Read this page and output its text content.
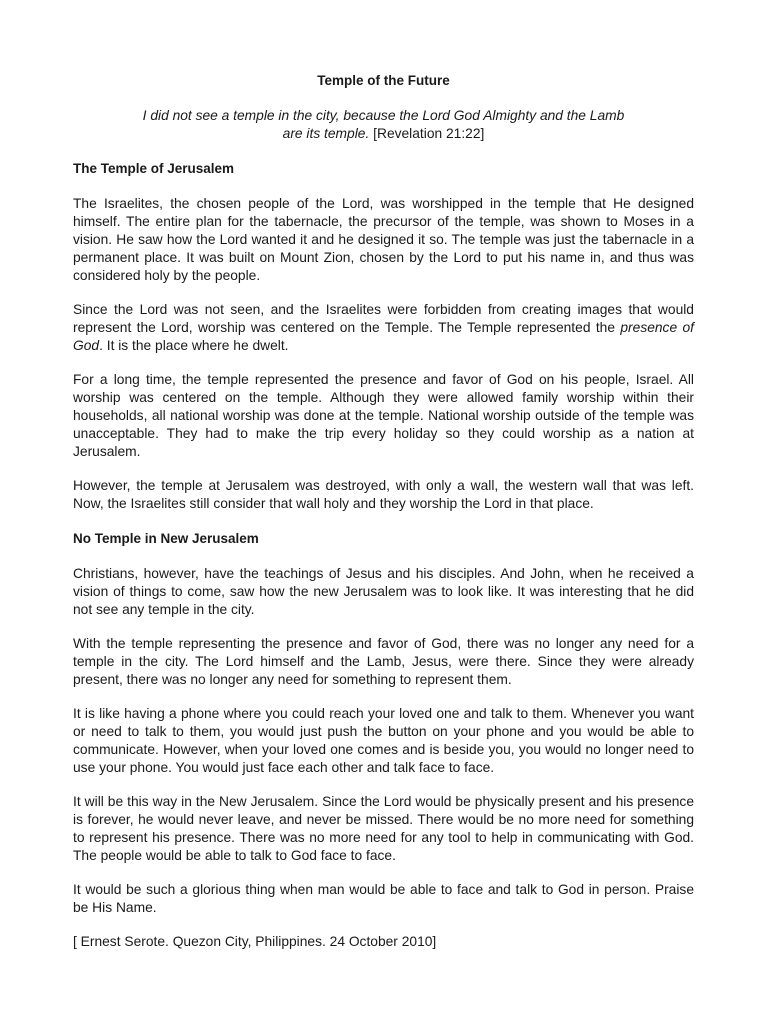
Temple of the Future

I did not see a temple in the city, because the Lord God Almighty and the Lamb are its temple. [Revelation 21:22]

The Temple of Jerusalem

The Israelites, the chosen people of the Lord, was worshipped in the temple that He designed himself. The entire plan for the tabernacle, the precursor of the temple, was shown to Moses in a vision. He saw how the Lord wanted it and he designed it so. The temple was just the tabernacle in a permanent place. It was built on Mount Zion, chosen by the Lord to put his name in, and thus was considered holy by the people.

Since the Lord was not seen, and the Israelites were forbidden from creating images that would represent the Lord, worship was centered on the Temple. The Temple represented the presence of God. It is the place where he dwelt.

For a long time, the temple represented the presence and favor of God on his people, Israel. All worship was centered on the temple. Although they were allowed family worship within their households, all national worship was done at the temple. National worship outside of the temple was unacceptable. They had to make the trip every holiday so they could worship as a nation at Jerusalem.

However, the temple at Jerusalem was destroyed, with only a wall, the western wall that was left. Now, the Israelites still consider that wall holy and they worship the Lord in that place.

No Temple in New Jerusalem

Christians, however, have the teachings of Jesus and his disciples. And John, when he received a vision of things to come, saw how the new Jerusalem was to look like. It was interesting that he did not see any temple in the city.

With the temple representing the presence and favor of God, there was no longer any need for a temple in the city. The Lord himself and the Lamb, Jesus, were there. Since they were already present, there was no longer any need for something to represent them.

It is like having a phone where you could reach your loved one and talk to them. Whenever you want or need to talk to them, you would just push the button on your phone and you would be able to communicate. However, when your loved one comes and is beside you, you would no longer need to use your phone. You would just face each other and talk face to face.

It will be this way in the New Jerusalem. Since the Lord would be physically present and his presence is forever, he would never leave, and never be missed. There would be no more need for something to represent his presence. There was no more need for any tool to help in communicating with God. The people would be able to talk to God face to face.

It would be such a glorious thing when man would be able to face and talk to God in person. Praise be His Name.

[ Ernest Serote. Quezon City, Philippines. 24 October 2010]
